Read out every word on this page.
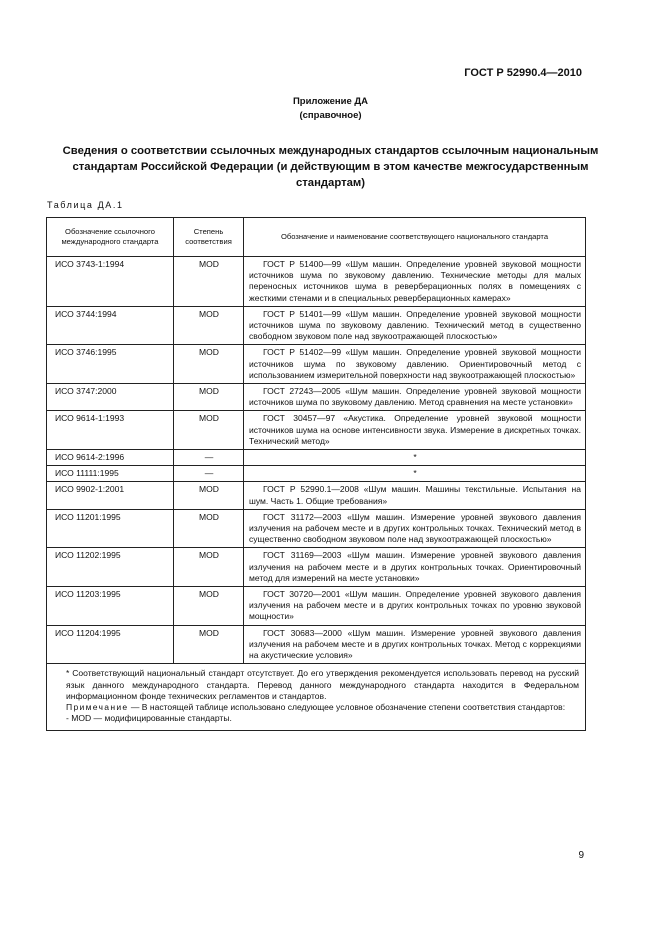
ГОСТ Р 52990.4—2010
Приложение ДА
(справочное)
Сведения о соответствии ссылочных международных стандартов ссылочным национальным стандартам Российской Федерации (и действующим в этом качестве межгосударственным стандартам)
Таблица ДА.1
Обозначение ссылочного международного стандарта	Степень соответствия	Обозначение и наименование соответствующего национального стандарта
ИСО 3743-1:1994	MOD	ГОСТ Р 51400—99 «Шум машин. Определение уровней звуковой мощности источников шума по звуковому давлению. Технические методы для малых переносных источников шума в реверберационных полях в помещениях с жесткими стенами и в специальных реверберационных камерах»
ИСО 3744:1994	MOD	ГОСТ Р 51401—99 «Шум машин. Определение уровней звуковой мощности источников шума по звуковому давлению. Технический метод в существенно свободном звуковом поле над звукоотражающей плоскостью»
ИСО 3746:1995	MOD	ГОСТ Р 51402—99 «Шум машин. Определение уровней звуковой мощности источников шума по звуковому давлению. Ориентировочный метод с использованием измерительной поверхности над звукоотражающей плоскостью»
ИСО 3747:2000	MOD	ГОСТ 27243—2005 «Шум машин. Определение уровней звуковой мощности источников шума по звуковому давлению. Метод сравнения на месте установки»
ИСО 9614-1:1993	MOD	ГОСТ 30457—97 «Акустика. Определение уровней звуковой мощности источников шума на основе интенсивности звука. Измерение в дискретных точках. Технический метод»
ИСО 9614-2:1996	—	*
ИСО 11111:1995	—	*
ИСО 9902-1:2001	MOD	ГОСТ Р 52990.1—2008 «Шум машин. Машины текстильные. Испытания на шум. Часть 1. Общие требования»
ИСО 11201:1995	MOD	ГОСТ 31172—2003 «Шум машин. Измерение уровней звукового давления излучения на рабочем месте и в других контрольных точках. Технический метод в существенно свободном звуковом поле над звукоотражающей плоскостью»
ИСО 11202:1995	MOD	ГОСТ 31169—2003 «Шум машин. Измерение уровней звукового давления излучения на рабочем месте и в других контрольных точках. Ориентировочный метод для измерений на месте установки»
ИСО 11203:1995	MOD	ГОСТ 30720—2001 «Шум машин. Определение уровней звукового давления излучения на рабочем месте и в других контрольных точках по уровню звуковой мощности»
ИСО 11204:1995	MOD	ГОСТ 30683—2000 «Шум машин. Измерение уровней звукового давления излучения на рабочем месте и в других контрольных точках. Метод с коррекциями на акустические условия»

* Соответствующий национальный стандарт отсутствует. До его утверждения рекомендуется использовать перевод на русский язык данного международного стандарта. Перевод данного международного стандарта находится в Федеральном информационном фонде технических регламентов и стандартов.

Примечание — В настоящей таблице использовано следующее условное обозначение степени соответствия стандартов:

- MOD — модифицированные стандарты.		

9
